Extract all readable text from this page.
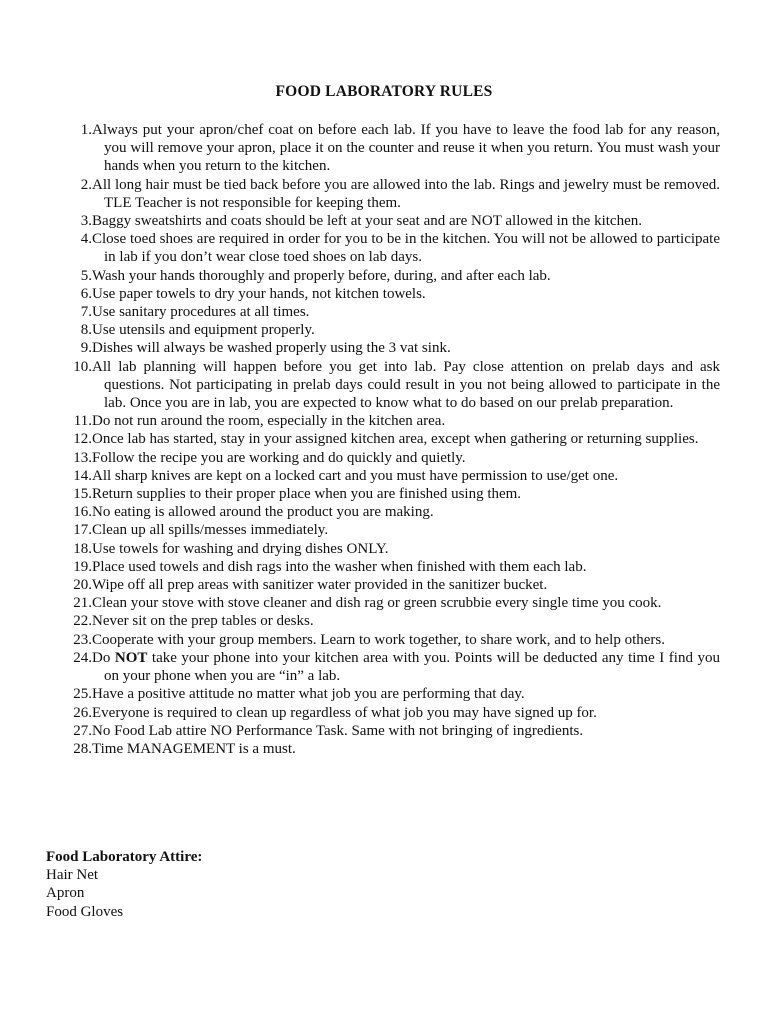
FOOD LABORATORY RULES
1. Always put your apron/chef coat on before each lab. If you have to leave the food lab for any reason, you will remove your apron, place it on the counter and reuse it when you return. You must wash your hands when you return to the kitchen.
2. All long hair must be tied back before you are allowed into the lab. Rings and jewelry must be removed. TLE Teacher is not responsible for keeping them.
3. Baggy sweatshirts and coats should be left at your seat and are NOT allowed in the kitchen.
4. Close toed shoes are required in order for you to be in the kitchen. You will not be allowed to participate in lab if you don’t wear close toed shoes on lab days.
5. Wash your hands thoroughly and properly before, during, and after each lab.
6. Use paper towels to dry your hands, not kitchen towels.
7. Use sanitary procedures at all times.
8. Use utensils and equipment properly.
9. Dishes will always be washed properly using the 3 vat sink.
10. All lab planning will happen before you get into lab. Pay close attention on prelab days and ask questions. Not participating in prelab days could result in you not being allowed to participate in the lab. Once you are in lab, you are expected to know what to do based on our prelab preparation.
11. Do not run around the room, especially in the kitchen area.
12. Once lab has started, stay in your assigned kitchen area, except when gathering or returning supplies.
13. Follow the recipe you are working and do quickly and quietly.
14. All sharp knives are kept on a locked cart and you must have permission to use/get one.
15. Return supplies to their proper place when you are finished using them.
16. No eating is allowed around the product you are making.
17. Clean up all spills/messes immediately.
18. Use towels for washing and drying dishes ONLY.
19. Place used towels and dish rags into the washer when finished with them each lab.
20. Wipe off all prep areas with sanitizer water provided in the sanitizer bucket.
21. Clean your stove with stove cleaner and dish rag or green scrubbie every single time you cook.
22. Never sit on the prep tables or desks.
23. Cooperate with your group members. Learn to work together, to share work, and to help others.
24. Do NOT take your phone into your kitchen area with you. Points will be deducted any time I find you on your phone when you are “in” a lab.
25. Have a positive attitude no matter what job you are performing that day.
26. Everyone is required to clean up regardless of what job you may have signed up for.
27. No Food Lab attire NO Performance Task. Same with not bringing of ingredients.
28. Time MANAGEMENT is a must.
Food Laboratory Attire:
Hair Net
Apron
Food Gloves
